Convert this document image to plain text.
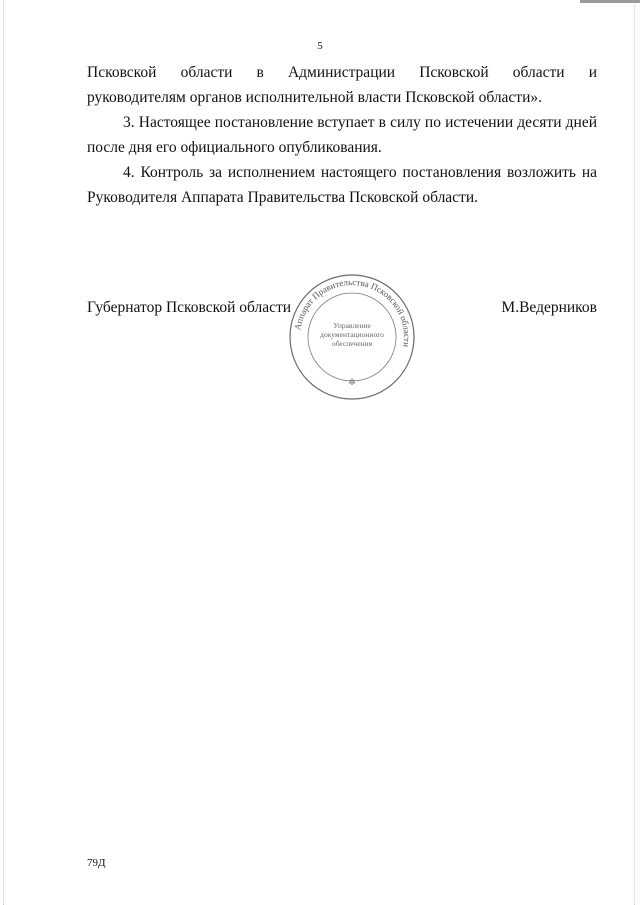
5

Псковской области в Администрации Псковской области и

руководителям органов исполнительной власти Псковской области».

3. Настоящее постановление вступает в силу по истечении десяти дней после дня его официального опубликования.

4. Контроль за исполнением настоящего постановления возложить на Руководителя Аппарата Правительства Псковской области.

Губернатор Псковской области	М.Ведерников
Аппарат Правительства Псковской области
Управление
документационного
обеспечения
✲
79Д
